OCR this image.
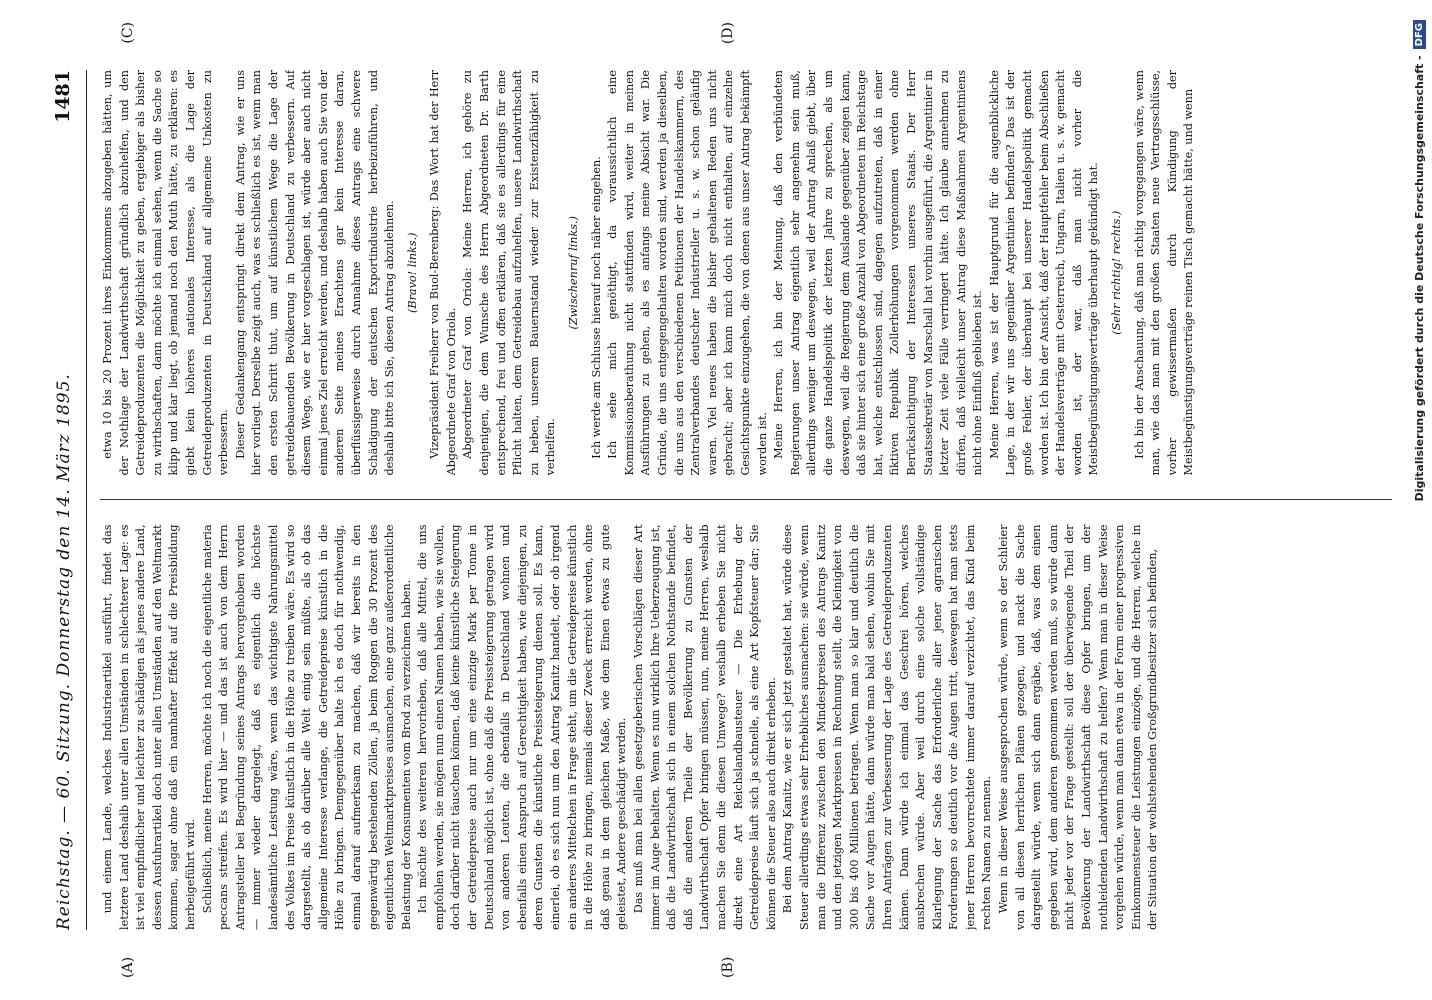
Reichstag. — 60. Sitzung. Donnerstag den 14. März 1895.
1481
(A)	(B)
(C)	(D)

und einem Lande, welches Industrieartikel ausführt, findet das letztere Land deshalb unter allen Umständen in schlechterer Lage: es ist viel empfindlicher und leichter zu schädigen als jenes andere Land, dessen Ausfuhrartikel doch unter allen Umständen auf den Weltmarkt kommen, sagar ohne daß ein namhafter Effekt auf die Preisbildung herbeigeführt wird. Schließlich, meine Herren, möchte ich noch die eigentliche materia peccans streifen. Es wird hier — und das ist auch von dem Herrn Antragsteller bei Begründung seines Antrags hervorgehoben worden — immer wieder dargelegt, daß es eigentlich die höchste landesämtliche Leistung wäre, wenn das wichtigste Nahrungsmittel des Volkes im Preise künstlich in die Höhe zu treiben wäre. Es wird so dargestellt, als ob darüber alle Welt einig sein müßte, als ob das allgemeine Interesse verlange, die Getreidepreise künstlich in die Höhe zu bringen. Demgegenüber halte ich es doch für nothwendig, einmal darauf aufmerksam zu machen, daß wir bereits in den gegenwärtig bestehenden Zöllen, ja beim Roggen die 30 Prozent des eigentlichen Weltmarktpreises ausmachen, eine ganz außerordentliche Belastung der Konsumenten vom Brod zu verzeichnen haben. Ich möchte des weiteren hervorheben, daß alle Mittel, die uns empfohlen werden, sie mögen nun einen Namen haben, wie sie wollen, doch darüber nicht täuschen können, daß keine künstliche Steigerung der Getreidepreise auch nur um eine einzige Mark per Tonne in Deutschland möglich ist, ohne daß die Preissteigerung getragen wird von anderen Leuten, die ebenfalls in Deutschland wohnen und ebenfalls einen Anspruch auf Gerechtigkeit haben, wie diejenigen, zu deren Gunsten die künstliche Preissteigerung dienen soll. Es kann, einerlei, ob es sich nun um den Antrag Kanitz handelt, oder ob irgend ein anderes Mittelchen in Frage steht, um die Getreidepreise künstlich in die Höhe zu bringen, niemals dieser Zweck erreicht werden, ohne daß genau in dem gleichen Maße, wie dem Einen etwas zu gute geleistet, Andere geschädigt werden. Das muß man bei allen gesetzgeberischen Vorschlägen dieser Art immer im Auge behalten. Wenn es nun wirklich Ihre Ueberzeugung ist, daß die Landwirthschaft sich in einem solchen Nothstande befindet, daß die anderen Theile der Bevölkerung zu Gunsten der Landwirthschaft Opfer bringen müssen, nun, meine Herren, weshalb machen Sie denn die diesen Umwege? weshalb erheben Sie nicht direkt eine Art Reichslandbausteuer — Die Erhebung der Getreidepreise läuft sich ja schnelle, als eine Art Kopfsteuer dar; Sie können die Steuer also auch direkt erheben. Bei dem Antrag Kanitz, wie er sich jetzt gestaltet hat, würde diese Steuer allerdings etwas sehr Erhebliches ausmachen: sie würde, wenn man die Differenz zwischen den Mindestpreisen des Antrags Kanitz und den jetzigen Marktpreisen in Rechnung stellt, die Kleinigkeit von 300 bis 400 Millionen betragen. Wenn man so klar und deutlich die Sache vor Augen hätte, dann würde man bald sehen, wohin Sie mit Ihren Anträgen zur Verbesserung der Lage des Getreideproduzenten kämen. Dann würde ich einmal das Geschrei hören, welches ausbrechen würde. Aber weil durch eine solche vollständige Klarlegung der Sache das Erforderliche aller jener agrarischen Forderungen so deutlich vor die Augen tritt, deswegen hat man stets jener Herren bevorrechtete immer darauf verzichtet, das Kind beim rechten Namen zu nennen. Wenn in dieser Weise ausgesprochen würde, wenn so der Schleier von all diesen herrlichen Plänen gezogen, und nackt die Sache dargestellt würde, wenn sich dann ergäbe, daß, was dem einen gegeben wird, dem anderen genommen werden muß, so würde dann nicht jeder vor der Frage gestellt: soll der überwiegende Theil der Bevölkerung der Landwirthschaft diese Opfer bringen, um der nothleidenden Landwirthschaft zu helfen? Wenn man in dieser Weise vorgehen würde, wenn man dann etwa in der Form einer progressiven Einkommensteuer die Leistungen einzöge, und die Herren, welche in der Situation der wohlstehenden Großgrundbesitzer sich befinden,

etwa 10 bis 20 Prozent ihres Einkommens abzugeben hätten, um der Nothlage der Landwirthschaft gründlich abzuhelfen, und den Getreideproduzenten die Möglichkeit zu geben, ergiebiger als bisher zu wirthschaften, dann möchte ich einmal sehen, wenn die Sache so klipp und klar liegt, ob jemand noch den Muth hätte, zu erklären: es giebt kein höheres nationales Interesse, als die Lage der Getreideproduzenten in Deutschland auf allgemeine Unkosten zu verbessern. Dieser Gedankengang entspringt direkt dem Antrag, wie er uns hier vorliegt. Derselbe zeigt auch, was es schließlich es ist, wenn man den ersten Schritt thut, um auf künstlichem Wege die Lage der getreidebauenden Bevölkerung in Deutschland zu verbessern. Auf diesem Wege, wie er hier vorgeschlagen ist, würde aber auch nicht einmal jenes Ziel erreicht werden, und deshalb haben auch Sie von der anderen Seite meines Erachtens gar kein Interesse daran, überflüssigerweise durch Annahme dieses Antrags eine schwere Schädigung der deutschen Exportindustrie herbeizuführen, und deshalb bitte ich Sie, diesen Antrag abzulehnen. (Bravo! links.) Vizepräsident Freiherr von Buol-Berenberg: Das Wort hat der Herr Abgeordnete Graf von Oriola. Abgeordneter Graf von Oriola: Meine Herren, ich gehöre zu denjenigen, die dem Wunsche des Herrn Abgeordneten Dr. Barth entsprechend, frei und offen erklären, daß sie es allerdings für eine Pflicht halten, dem Getreidebau aufzuhelfen, unsere Landwirthschaft zu heben, unserem Bauernstand wieder zur Existenzfähigkeit zu verhelfen.

(Zwischenruf links.) Ich werde am Schlusse hierauf noch näher eingehen. Ich sehe mich genöthigt, da voraussichtlich eine Kommissionsberathung nicht stattfinden wird, weiter in meinen Ausführungen zu gehen, als es anfangs meine Absicht war. Die Gründe, die uns entgegengehalten worden sind, werden ja dieselben, die uns aus den verschiedenen Petitionen der Handelskammern, des Zentralverbandes deutscher Industrieller u. s. w. schon geläufig waren. Viel neues haben die bisher gehaltenen Reden uns nicht gebracht; aber ich kann mich doch nicht enthalten, auf einzelne Gesichtspunkte einzugehen, die von denen aus unser Antrag bekämpft worden ist. Meine Herren, ich bin der Meinung, daß den verbündeten Regierungen unser Antrag eigentlich sehr angenehm sein muß, allerdings weniger um deswegen, weil der Antrag Anlaß giebt, über die ganze Handelspolitik der letzten Jahre zu sprechen, als um deswegen, weil die Regierung dem Auslande gegenüber zeigen kann, daß sie hinter sich eine große Anzahl von Abgeordneten im Reichstage hat, welche entschlossen sind, dagegen aufzutreten, daß in einer fiktiven Republik Zollerhöhungen vorgenommen werden ohne Berücksichtigung der Interessen unseres Staats. Der Herr Staatssekretär von Marschall hat vorhin ausgeführt, die Argentinier in letzter Zeit viele Fälle verringert hätte. Ich glaube annehmen zu dürfen, daß vielleicht unser Antrag diese Maßnahmen Argentiniens nicht ohne Einfluß geblieben ist. Meine Herren, was ist der Hauptgrund für die augenblickliche Lage, in der wir uns gegenüber Argentinien befinden? Das ist der große Fehler, der überhaupt bei unserer Handelspolitik gemacht worden ist. Ich bin der Ansicht, daß der Hauptfehler beim Abschließen der Handelsverträge mit Oesterreich, Ungarn, Italien u. s. w. gemacht worden ist, der war, daß man nicht vorher die Meistbegünstigungsverträge überhaupt gekündigt hat. (Sehr richtig! rechts.) Ich bin der Anschauung, daß man richtig vorgegangen wäre, wenn man, wie das man mit den großen Staaten neue Vertragsschlüsse, vorher gewissermaßen durch Kündigung der Meistbegünstigungsverträge reinen Tisch gemacht hätte, und wenn	Digitalisierung gefördert durch die Deutsche Forschungsgemeinschaft -
DFG
